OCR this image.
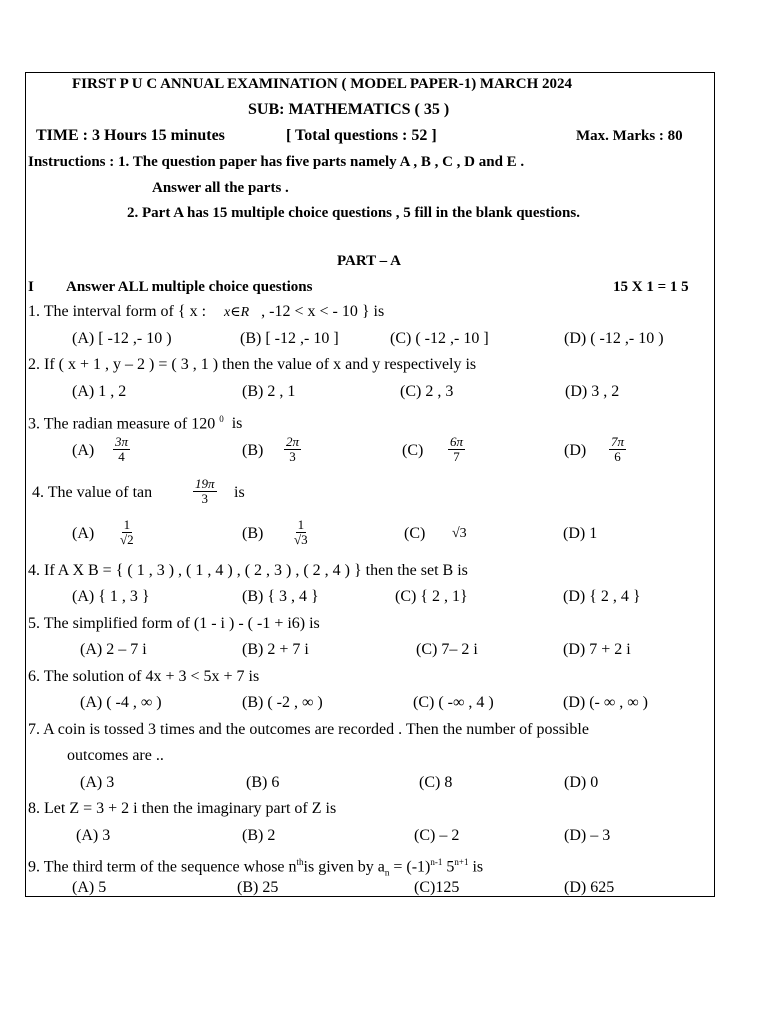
FIRST P U C ANNUAL EXAMINATION ( MODEL PAPER-1) MARCH 2024
SUB: MATHEMATICS ( 35 )
TIME : 3 Hours 15 minutes	[ Total questions : 52 ]	Max. Marks : 80
Instructions : 1. The question paper has five parts namely A , B , C , D and E .
Answer all the parts .
2. Part A has 15 multiple choice questions , 5 fill in the blank questions.
PART – A
I Answer ALL multiple choice questions	15 X 1 = 1 5
1. The interval form of { x : x∈R , -12 < x < - 10 } is
(A) [ -12 ,- 10 )	(B) [ -12 ,- 10 ]	(C) ( -12 ,- 10 ]	(D) ( -12 ,- 10 )
2. If ( x + 1 , y – 2 ) = ( 3 , 1 ) then the value of x and y respectively is
(A) 1 , 2	(B) 2 , 1	(C) 2 , 3	(D) 3 , 2
3. The radian measure of 120 $^0$ is
$(A) \frac{3\pi}{4}$	$(B) \frac{2\pi}{3}$	$(C) \frac{6\pi}{7}$	$(D) \frac{7\pi}{6}$
4. The value of tan	$\frac{19\pi}{3}$ is
$(A) \frac{1}{√2}$	$(B) \frac{1}{√3}$	(C) √3	(D) 1
4. If A X B = { ( 1 , 3 ) , ( 1 , 4 ) , ( 2 , 3 ) , ( 2 , 4 ) } then the set B is
(A) { 1 , 3 }	(B) { 3 , 4 }	(C) { 2 , 1}	(D) { 2 , 4 }
5. The simplified form of (1 - i ) - ( -1 + i6) is
(A) 2 – 7 i	(B) 2 + 7 i	(C) 7– 2 i	(D) 7 + 2 i
6. The solution of 4x + 3 < 5x + 7 is
(A) ( -4 , ∞ )	(B) ( -2 , ∞ )	(C) ( -∞ , 4 )	(D) (- ∞ , ∞ )
7. A coin is tossed 3 times and the outcomes are recorded . Then the number of possible
outcomes are ..
(A) 3	(B) 6	(C) 8	(D) 0
8. Let Z = 3 + 2 i then the imaginary part of Z is
(A) 3	(B) 2	(C) – 2	(D) – 3
9. The third term of the sequence whose $n^{th}is$ given by $a_n = (-1)^{n-1}$ $5^{n+1}$ is
(A) 5	(B) 25	(C)125	(D) 625
